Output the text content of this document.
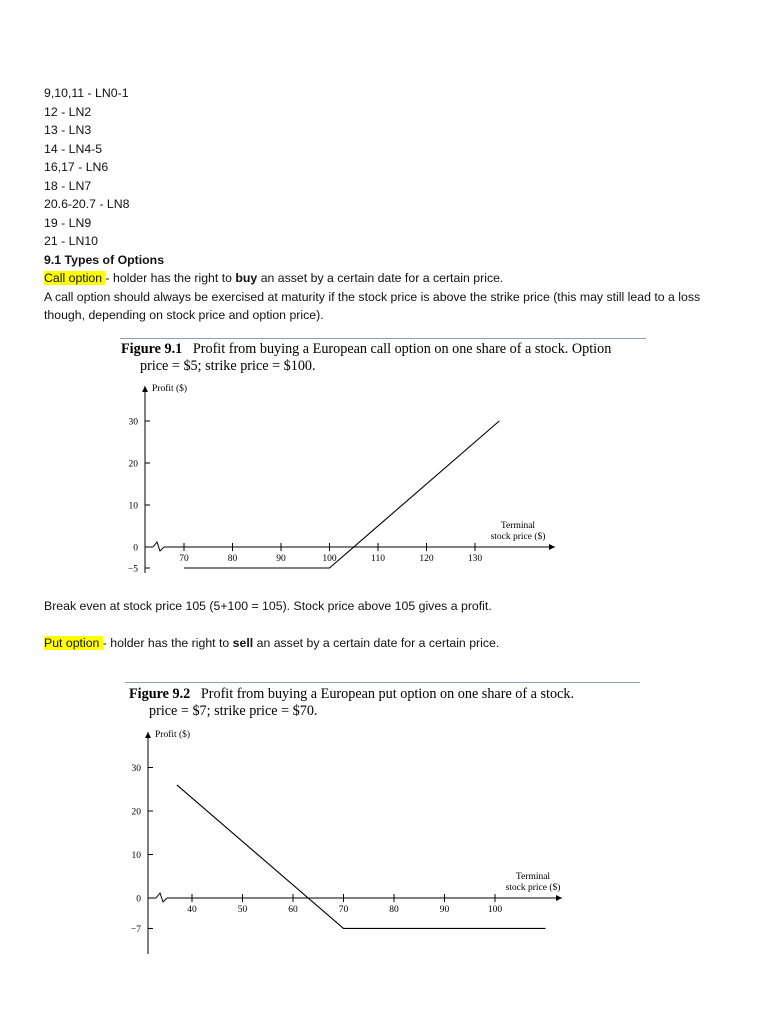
9,10,11 - LN0-1
12 - LN2
13 - LN3
14 - LN4-5
16,17 - LN6
18 - LN7
20.6-20.7 - LN8
19 - LN9
21 - LN10
9.1 Types of Options
Call option - holder has the right to buy an asset by a certain date for a certain price.
A call option should always be exercised at maturity if the stock price is above the strike price (this may still lead to a loss though, depending on stock price and option price).
Figure 9.1 Profit from buying a European call option on one share of a stock. Option
price = $5; strike price = $100.
Profit ($)
Terminal
stock price ($)
70	80	90	100	110	120	130
30
20
10
0
−5
Break even at stock price 105 (5+100 = 105). Stock price above 105 gives a profit.
Put option - holder has the right to sell an asset by a certain date for a certain price.
Figure 9.2 Profit from buying a European put option on one share of a stock.
price = $7; strike price = $70.
Profit ($)
Terminal
stock price ($)
40	50	60	70	80	90	100
30
20
10
0
−7
